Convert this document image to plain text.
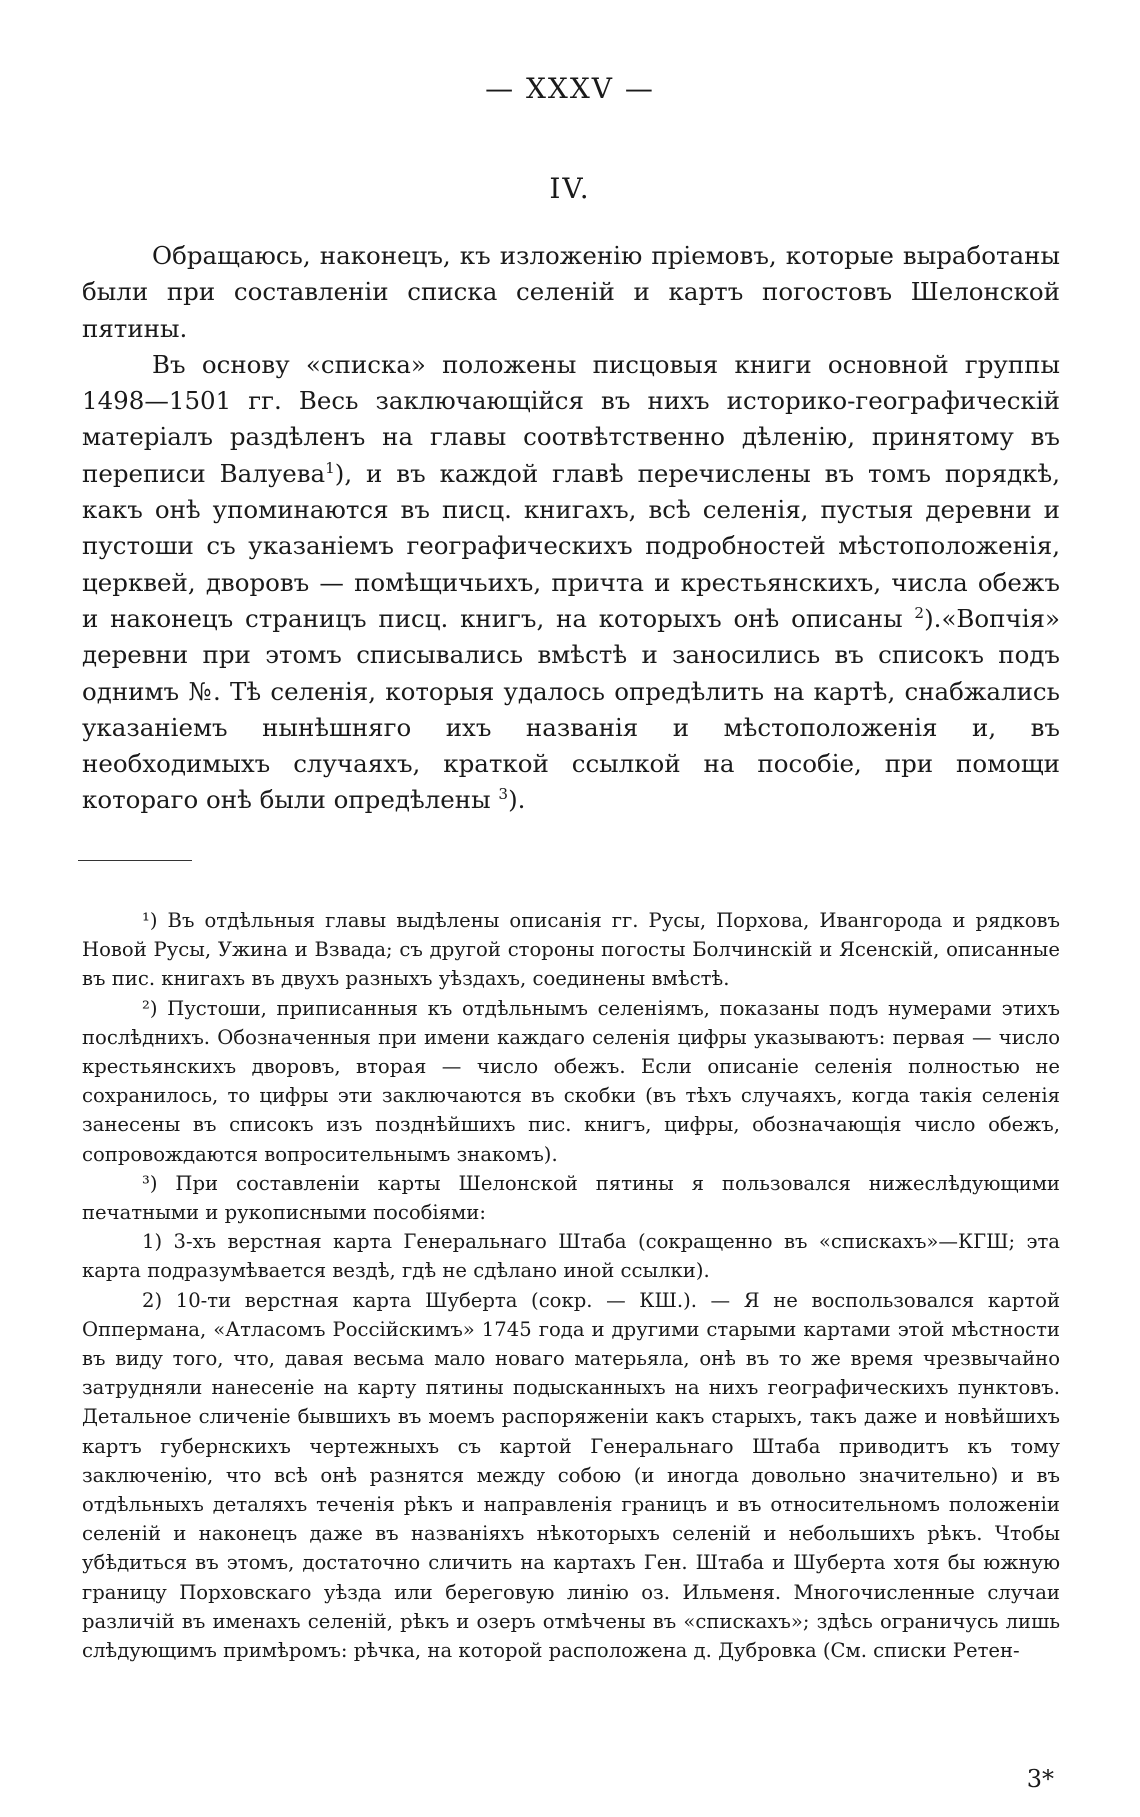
— XXXV —
IV.

Обращаюсь, наконецъ, къ изложенію пріемовъ, которые выработаны были при составленіи списка селеній и картъ погостовъ Шелонской пятины.

Въ основу «списка» положены писцовыя книги основной группы 1498—1501 гг. Весь заключающійся въ нихъ историко-географическій матеріалъ раздѣленъ на главы соотвѣтственно дѣленію, принятому въ переписи Валуева$^1$), и въ каждой главѣ перечислены въ томъ порядкѣ, какъ онѣ упоминаются въ писц. книгахъ, всѣ селенія, пустыя деревни и пустоши съ указаніемъ географическихъ подробностей мѣстоположенія, церквей, дворовъ — помѣщичьихъ, причта и крестьянскихъ, числа обежъ и наконецъ страницъ писц. книгъ, на которыхъ онѣ описаны $^2$).«Вопчія» деревни при этомъ списывались вмѣстѣ и заносились въ списокъ подъ однимъ №. Тѣ селенія, которыя удалось опредѣлить на картѣ, снабжались указаніемъ нынѣшняго ихъ названія и мѣстоположенія и, въ необходимыхъ случаяхъ, краткой ссылкой на пособіе, при помощи котораго онѣ были опредѣлены $^3$).

¹) Въ отдѣльныя главы выдѣлены описанія гг. Русы, Порхова, Ивангорода и рядковъ Новой Русы, Ужина и Взвада; съ другой стороны погосты Болчинскій и Ясенскій, описанные въ пис. книгахъ въ двухъ разныхъ уѣздахъ, соединены вмѣстѣ.

²) Пустоши, приписанныя къ отдѣльнымъ селеніямъ, показаны подъ нумерами этихъ послѣднихъ. Обозначенныя при имени каждаго селенія цифры указываютъ: первая — число крестьянскихъ дворовъ, вторая — число обежъ. Если описаніе селенія полностью не сохранилось, то цифры эти заключаются въ скобки (въ тѣхъ случаяхъ, когда такія селенія занесены въ списокъ изъ позднѣйшихъ пис. книгъ, цифры, обозначающія число обежъ, сопровождаются вопросительнымъ знакомъ).

³) При составленіи карты Шелонской пятины я пользовался нижеслѣдующими печатными и рукописными пособіями:

1) 3-хъ верстная карта Генеральнаго Штаба (сокращенно въ «спискахъ»—КГШ; эта карта подразумѣвается вездѣ, гдѣ не сдѣлано иной ссылки).

2) 10-ти верстная карта Шуберта (сокр. — КШ.). — Я не воспользовался картой Оппермана, «Атласомъ Россійскимъ» 1745 года и другими старыми картами этой мѣстности въ виду того, что, давая весьма мало новаго матерьяла, онѣ въ то же время чрезвычайно затрудняли нанесеніе на карту пятины подысканныхъ на нихъ географическихъ пунктовъ. Детальное сличеніе бывшихъ въ моемъ распоряженіи какъ старыхъ, такъ даже и новѣйшихъ картъ губернскихъ чертежныхъ съ картой Генеральнаго Штаба приводитъ къ тому заключенію, что всѣ онѣ разнятся между собою (и иногда довольно значительно) и въ отдѣльныхъ деталяхъ теченія рѣкъ и направленія границъ и въ относительномъ положеніи селеній и наконецъ даже въ названіяхъ нѣкоторыхъ селеній и небольшихъ рѣкъ. Чтобы убѣдиться въ этомъ, достаточно сличить на картахъ Ген. Штаба и Шуберта хотя бы южную границу Порховскаго уѣзда или береговую линію оз. Ильменя. Многочисленные случаи различій въ именахъ селеній, рѣкъ и озеръ отмѣчены въ «спискахъ»; здѣсь ограничусь лишь слѣдующимъ примѣромъ: рѣчка, на которой расположена д. Дубровка (См. списки Ретен-

3*
